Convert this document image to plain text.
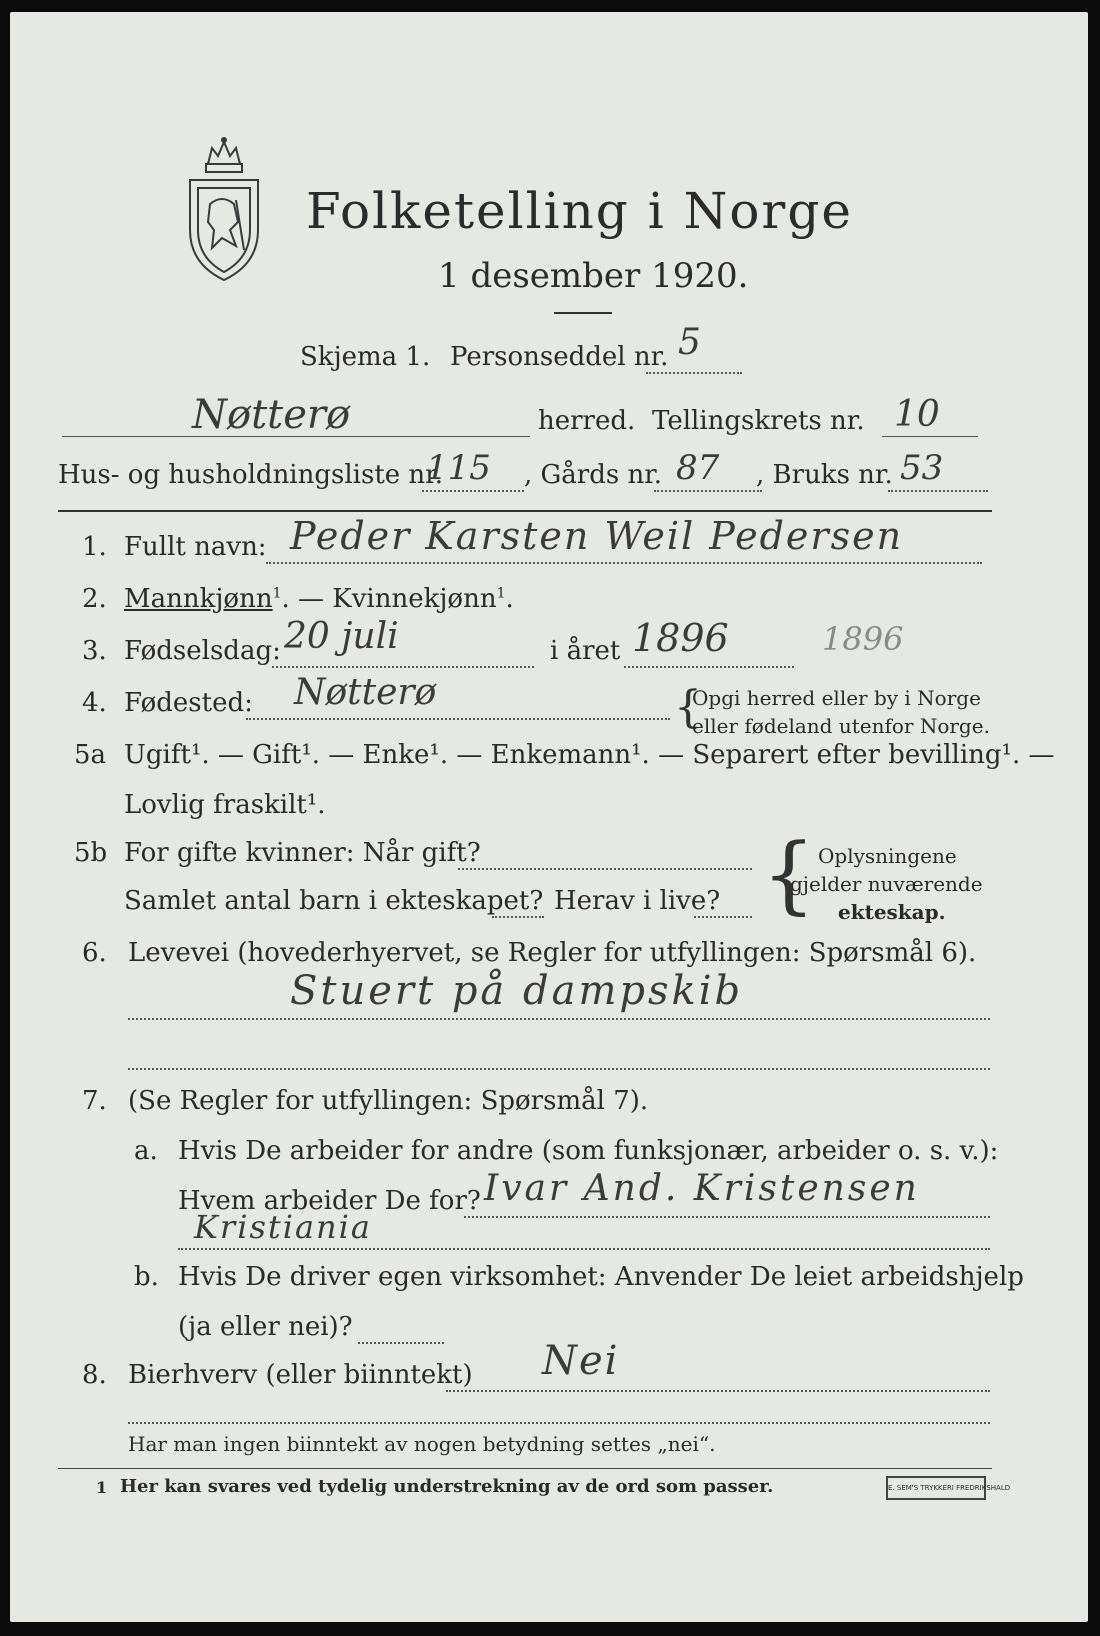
Folketelling i Norge
1 desember 1920.
Skjema 1. Personseddel nr. 5
Nøtterø	herred. Tellingskrets nr. 10
Hus- og husholdningsliste nr.
115 , Gårds nr. 87 , Bruks nr. 53
1. Fullt navn: Peder Karsten Weil Pedersen
2. Mannkjønn$^1$. — Kvinnekjønn$^1$.
3. Fødselsdag: 20 juli	i året 1896	1896
4. Fødested: Nøtterø	{
Opgi herred eller by i Norge
eller fødeland utenfor Norge.
5a Ugift¹. — Gift¹. — Enke¹. — Enkemann¹. — Separert efter bevilling¹. —
Lovlig fraskilt¹.
5b For gifte kvinner: Når gift?
Samlet antal barn i ekteskapet? Herav i live? { Oplysningene
gjelder nuværende
ekteskap.
6. Levevei (hovederhyervet, se Regler for utfyllingen: Spørsmål 6).
Stuert på dampskib
7. (Se Regler for utfyllingen: Spørsmål 7).
a. Hvis De arbeider for andre (som funksjonær, arbeider o. s. v.):
Hvem arbeider De for? Ivar And. Kristensen
Kristiania
b. Hvis De driver egen virksomhet: Anvender De leiet arbeidshjelp
(ja eller nei)?
8. Bierhverv (eller biinntekt) Nei
Har man ingen biinntekt av nogen betydning settes „nei“.
1 Her kan svares ved tydelig understrekning av de ord som passer.	E. SEM'S TRYKKERI FREDRIKSHALD
